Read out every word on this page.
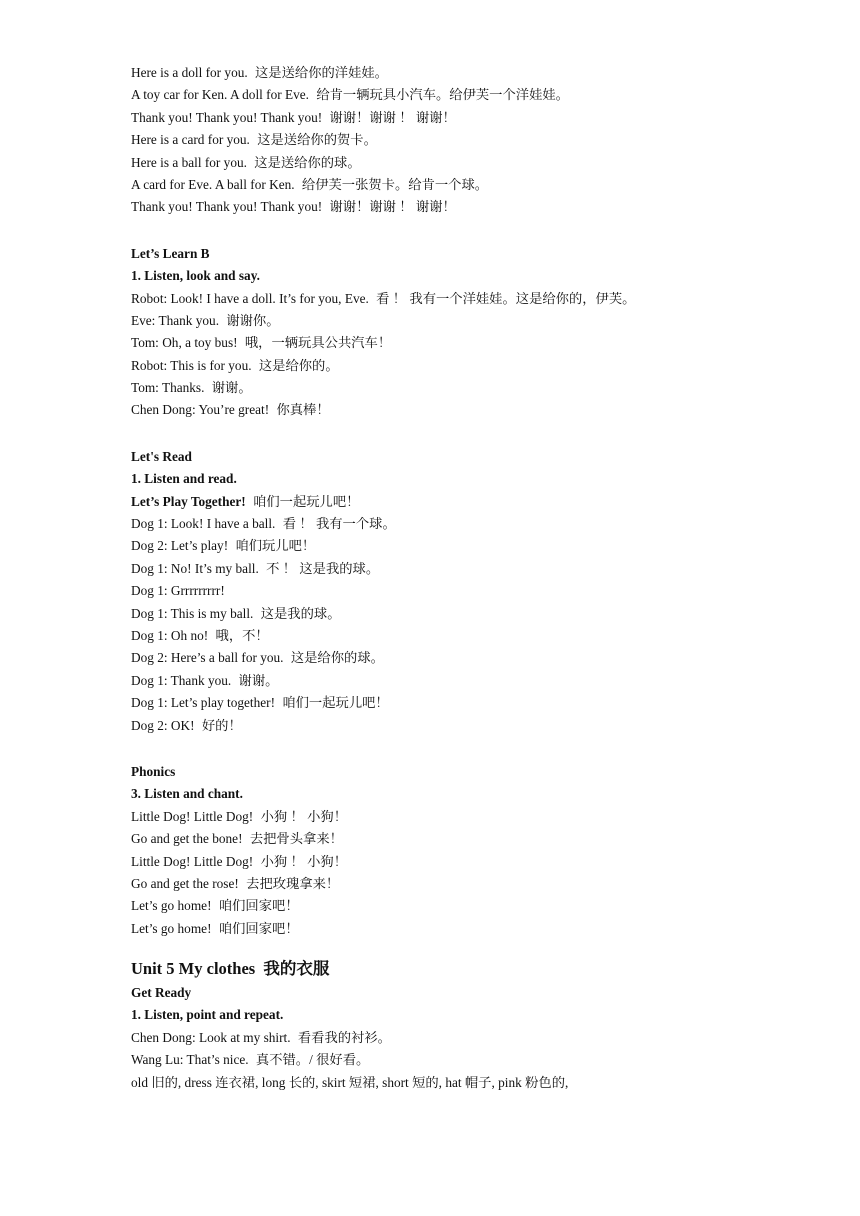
Here is a doll for you. 这是送给你的洋娃娃。
A toy car for Ken. A doll for Eve. 给肯一辆玩具小汽车。给伊芙一个洋娃娃。
Thank you! Thank you! Thank you! 谢谢！谢谢 ！ 谢谢！
Here is a card for you. 这是送给你的贺卡。
Here is a ball for you. 这是送给你的球。
A card for Eve. A ball for Ken. 给伊芙一张贺卡。给肯一个球。
Thank you! Thank you! Thank you! 谢谢！谢谢 ！ 谢谢！
Let’s Learn B
1. Listen, look and say.
Robot: Look! I have a doll. It’s for you, Eve. 看 ！ 我有一个洋娃娃。这是给你的，伊芙。
Eve: Thank you. 谢谢你。
Tom: Oh, a toy bus! 哦，一辆玩具公共汽车！
Robot: This is for you. 这是给你的。
Tom: Thanks. 谢谢。
Chen Dong: You’re great! 你真棒！
Let's Read
1. Listen and read.
Let’s Play Together! 咱们一起玩儿吧！
Dog 1: Look! I have a ball. 看 ！ 我有一个球。
Dog 2: Let’s play! 咱们玩儿吧！
Dog 1: No! It’s my ball. 不 ！ 这是我的球。
Dog 1: Grrrrrrrrr!
Dog 1: This is my ball. 这是我的球。
Dog 1: Oh no! 哦，不！
Dog 2: Here’s a ball for you. 这是给你的球。
Dog 1: Thank you. 谢谢。
Dog 1: Let’s play together! 咱们一起玩儿吧！
Dog 2: OK! 好的！
Phonics
3. Listen and chant.
Little Dog! Little Dog! 小狗 ！ 小狗！
Go and get the bone! 去把骨头拿来！
Little Dog! Little Dog! 小狗 ！ 小狗！
Go and get the rose! 去把玫瑰拿来！
Let’s go home! 咱们回家吧！
Let’s go home! 咱们回家吧！
Unit 5 My clothes 我的衣服
Get Ready
1. Listen, point and repeat.
Chen Dong: Look at my shirt. 看看我的衬衫。
Wang Lu: That’s nice. 真不错。/ 很好看。
old 旧的, dress 连衣裙, long 长的, skirt 短裙, short 短的, hat 帽子, pink 粉色的,
